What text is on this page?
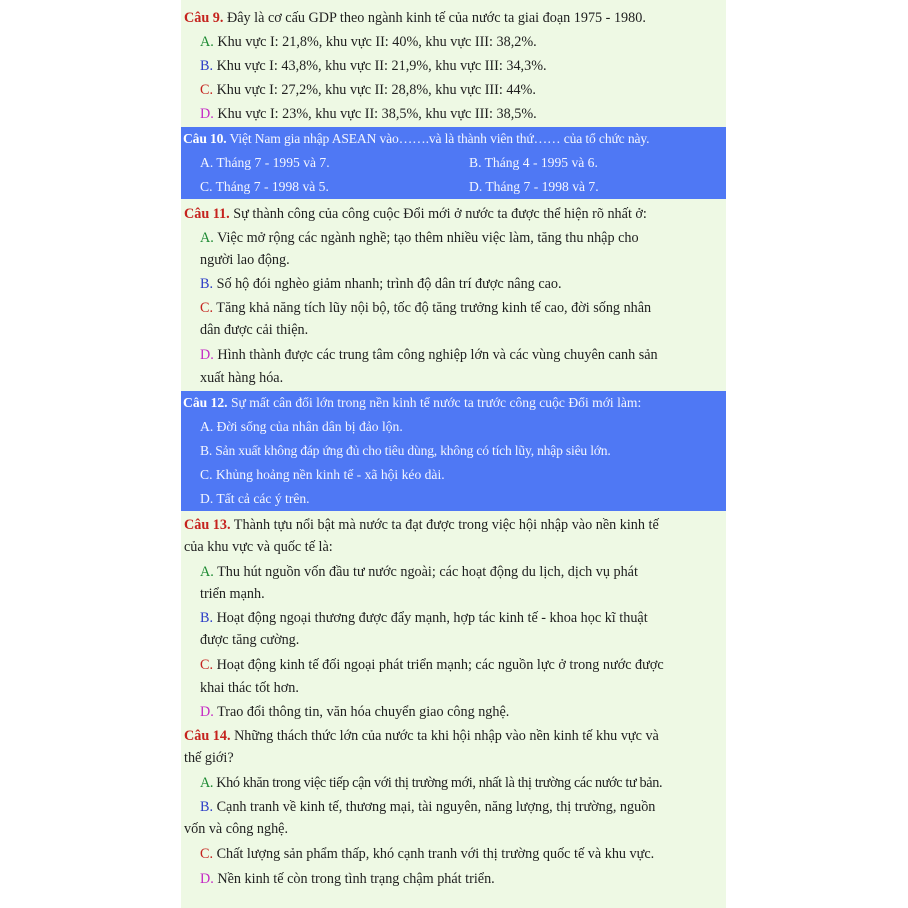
Câu 9. Đây là cơ cấu GDP theo ngành kinh tế của nước ta giai đoạn 1975 - 1980.
A. Khu vực I: 21,8%, khu vực II: 40%, khu vực III: 38,2%.
B. Khu vực I: 43,8%, khu vực II: 21,9%, khu vực III: 34,3%.
C. Khu vực I: 27,2%, khu vực II: 28,8%, khu vực III: 44%.
D. Khu vực I: 23%, khu vực II: 38,5%, khu vực III: 38,5%.
Câu 10. Việt Nam gia nhập ASEAN vào…….và là thành viên thứ…… của tổ chức này.
A. Tháng 7 - 1995 và 7.	B. Tháng 4 - 1995 và 6.
C. Tháng 7 - 1998 và 5.	D. Tháng 7 - 1998 và 7.
Câu 11. Sự thành công của công cuộc Đổi mới ở nước ta được thể hiện rõ nhất ở:
A. Việc mở rộng các ngành nghề; tạo thêm nhiều việc làm, tăng thu nhập cho
người lao động.
B. Số hộ đói nghèo giảm nhanh; trình độ dân trí được nâng cao.
C. Tăng khả năng tích lũy nội bộ, tốc độ tăng trưởng kinh tế cao, đời sống nhân
dân được cải thiện.
D. Hình thành được các trung tâm công nghiệp lớn và các vùng chuyên canh sản
xuất hàng hóa.
Câu 12. Sự mất cân đối lớn trong nền kinh tế nước ta trước công cuộc Đổi mới làm:
A. Đời sống của nhân dân bị đảo lộn.
B. Sản xuất không đáp ứng đủ cho tiêu dùng, không có tích lũy, nhập siêu lớn.
C. Khủng hoảng nền kinh tế - xã hội kéo dài.
D. Tất cả các ý trên.
Câu 13. Thành tựu nổi bật mà nước ta đạt được trong việc hội nhập vào nền kinh tế
của khu vực và quốc tế là:
A. Thu hút nguồn vốn đầu tư nước ngoài; các hoạt động du lịch, dịch vụ phát
triển mạnh.
B. Hoạt động ngoại thương được đẩy mạnh, hợp tác kinh tế - khoa học kĩ thuật
được tăng cường.
C. Hoạt động kinh tế đối ngoại phát triển mạnh; các nguồn lực ở trong nước được
khai thác tốt hơn.
D. Trao đổi thông tin, văn hóa chuyển giao công nghệ.
Câu 14. Những thách thức lớn của nước ta khi hội nhập vào nền kinh tế khu vực và
thế giới?
A. Khó khăn trong việc tiếp cận với thị trường mới, nhất là thị trường các nước tư bản.
B. Cạnh tranh về kinh tế, thương mại, tài nguyên, năng lượng, thị trường, nguồn
vốn và công nghệ.
C. Chất lượng sản phẩm thấp, khó cạnh tranh với thị trường quốc tế và khu vực.
D. Nền kinh tế còn trong tình trạng chậm phát triển.
